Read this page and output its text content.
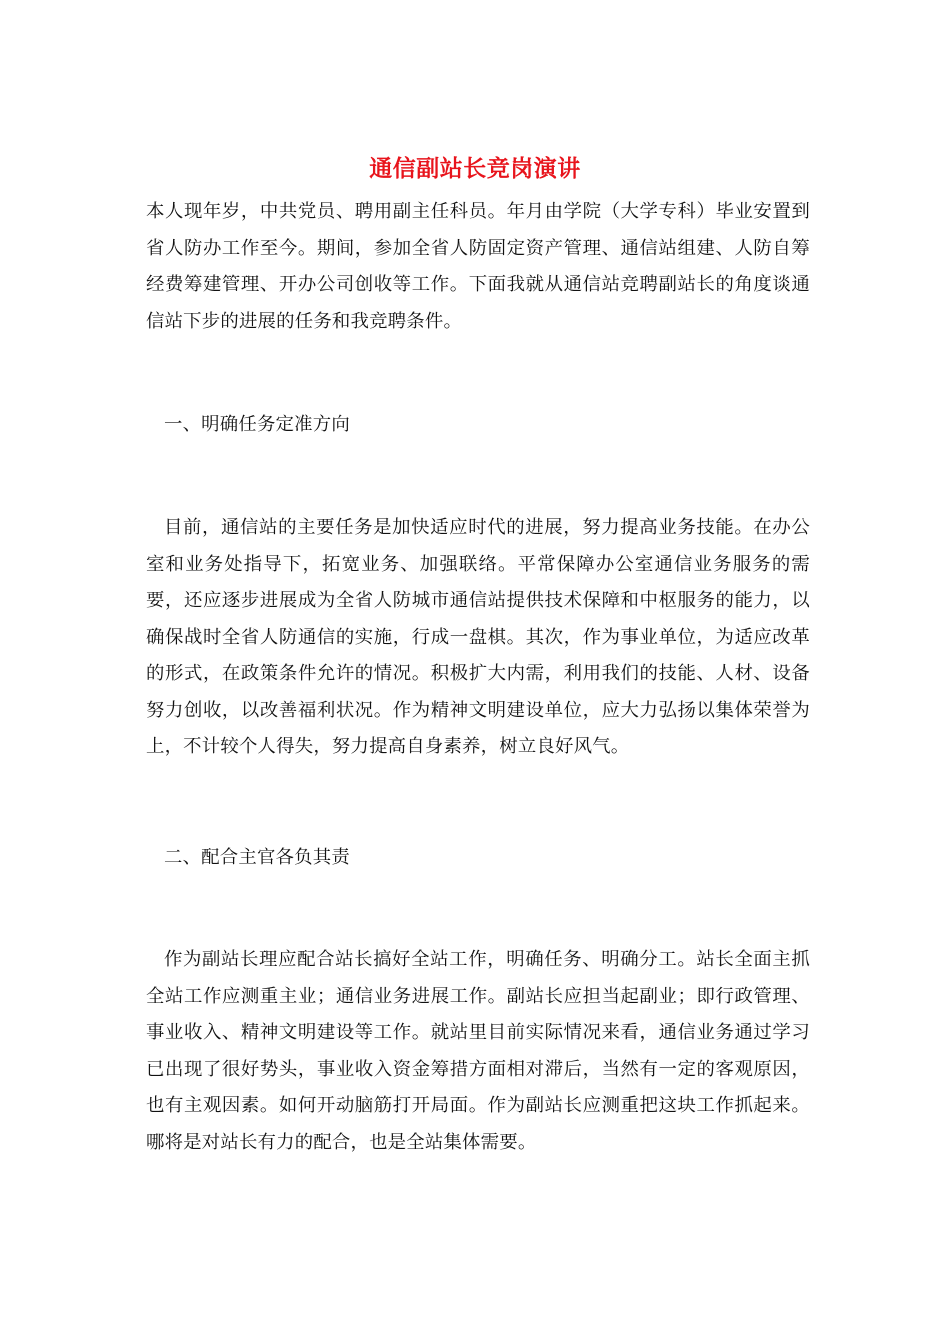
通信副站长竞岗演讲

本人现年岁，中共党员、聘用副主任科员。年月由学院（大学专科）毕业安置到省人防办工作至今。期间，参加全省人防固定资产管理、通信站组建、人防自筹经费筹建管理、开办公司创收等工作。下面我就从通信站竞聘副站长的角度谈通信站下步的进展的任务和我竞聘条件。

一、明确任务定准方向

目前，通信站的主要任务是加快适应时代的进展，努力提高业务技能。在办公室和业务处指导下，拓宽业务、加强联络。平常保障办公室通信业务服务的需要，还应逐步进展成为全省人防城市通信站提供技术保障和中枢服务的能力，以确保战时全省人防通信的实施，行成一盘棋。其次，作为事业单位，为适应改革的形式，在政策条件允许的情况。积极扩大内需，利用我们的技能、人材、设备努力创收，以改善福利状况。作为精神文明建设单位，应大力弘扬以集体荣誉为上，不计较个人得失，努力提高自身素养，树立良好风气。

二、配合主官各负其责

作为副站长理应配合站长搞好全站工作，明确任务、明确分工。站长全面主抓全站工作应测重主业；通信业务进展工作。副站长应担当起副业；即行政管理、事业收入、精神文明建设等工作。就站里目前实际情况来看，通信业务通过学习已出现了很好势头，事业收入资金筹措方面相对滞后，当然有一定的客观原因，也有主观因素。如何开动脑筋打开局面。作为副站长应测重把这块工作抓起来。哪将是对站长有力的配合，也是全站集体需要。
